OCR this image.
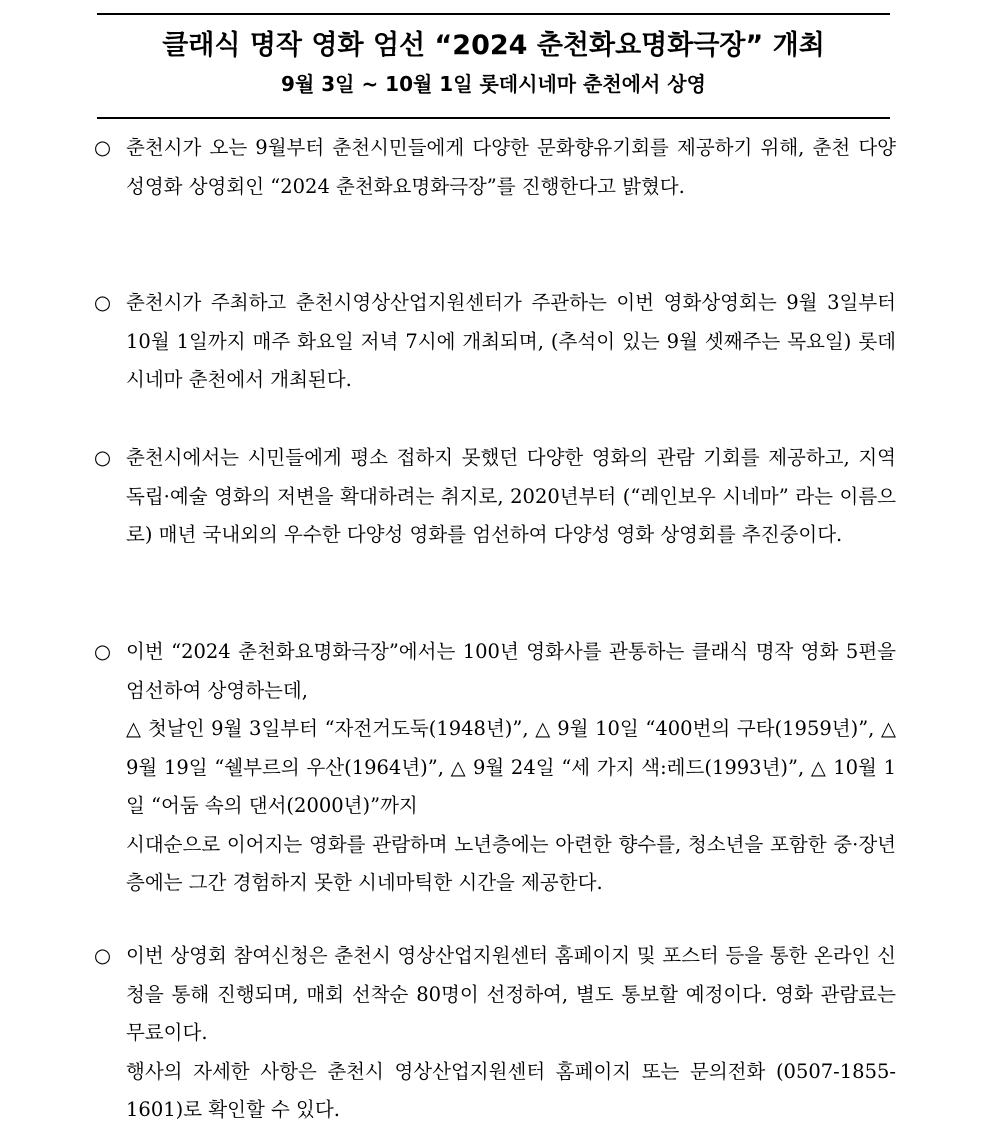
클래식 명작 영화 엄선 “2024 춘천화요명화극장” 개최
9월 3일 ~ 10월 1일 롯데시네마 춘천에서 상영
○ 춘천시가 오는 9월부터 춘천시민들에게 다양한 문화향유기회를 제공하기 위해, 춘천 다양성영화 상영회인 “2024 춘천화요명화극장”를 진행한다고 밝혔다.
○ 춘천시가 주최하고 춘천시영상산업지원센터가 주관하는 이번 영화상영회는 9월 3일부터 10월 1일까지 매주 화요일 저녁 7시에 개최되며, (추석이 있는 9월 셋째주는 목요일) 롯데시네마 춘천에서 개최된다.
○ 춘천시에서는 시민들에게 평소 접하지 못했던 다양한 영화의 관람 기회를 제공하고, 지역 독립·예술 영화의 저변을 확대하려는 취지로, 2020년부터 (“레인보우 시네마” 라는 이름으로) 매년 국내외의 우수한 다양성 영화를 엄선하여 다양성 영화 상영회를 추진중이다.
○ 이번 “2024 춘천화요명화극장”에서는 100년 영화사를 관통하는 클래식 명작 영화 5편을 엄선하여 상영하는데,
△ 첫날인 9월 3일부터 “자전거도둑(1948년)”, △ 9월 10일 “400번의 구타(1959년)”, △ 9월 19일 “쉘부르의 우산(1964년)”, △ 9월 24일 “세 가지 색:레드(1993년)”, △ 10월 1일 “어둠 속의 댄서(2000년)”까지
시대순으로 이어지는 영화를 관람하며 노년층에는 아련한 향수를, 청소년을 포함한 중·장년층에는 그간 경험하지 못한 시네마틱한 시간을 제공한다.
○ 이번 상영회 참여신청은 춘천시 영상산업지원센터 홈페이지 및 포스터 등을 통한 온라인 신청을 통해 진행되며, 매회 선착순 80명이 선정하여, 별도 통보할 예정이다. 영화 관람료는 무료이다.
행사의 자세한 사항은 춘천시 영상산업지원센터 홈페이지 또는 문의전화 (0507-1855-1601)로 확인할 수 있다.
